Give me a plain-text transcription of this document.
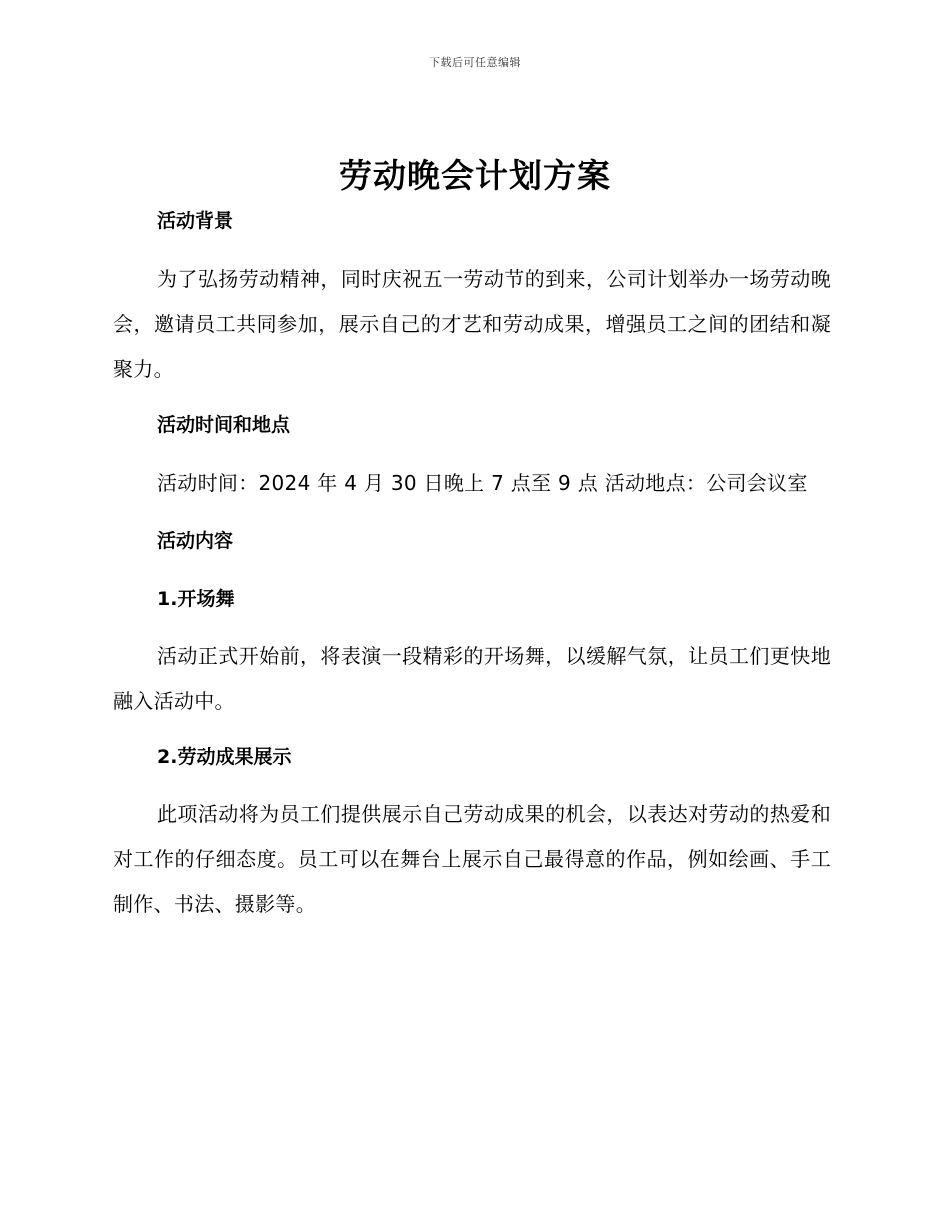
下载后可任意编辑
劳动晚会计划方案
活动背景
为了弘扬劳动精神，同时庆祝五一劳动节的到来，公司计划举办一场劳动晚会，邀请员工共同参加，展示自己的才艺和劳动成果，增强员工之间的团结和凝聚力。
活动时间和地点
活动时间：2024 年 4 月 30 日晚上 7 点至 9 点 活动地点：公司会议室
活动内容
1.开场舞
活动正式开始前，将表演一段精彩的开场舞，以缓解气氛，让员工们更快地融入活动中。
2.劳动成果展示
此项活动将为员工们提供展示自己劳动成果的机会，以表达对劳动的热爱和对工作的仔细态度。员工可以在舞台上展示自己最得意的作品，例如绘画、手工制作、书法、摄影等。
